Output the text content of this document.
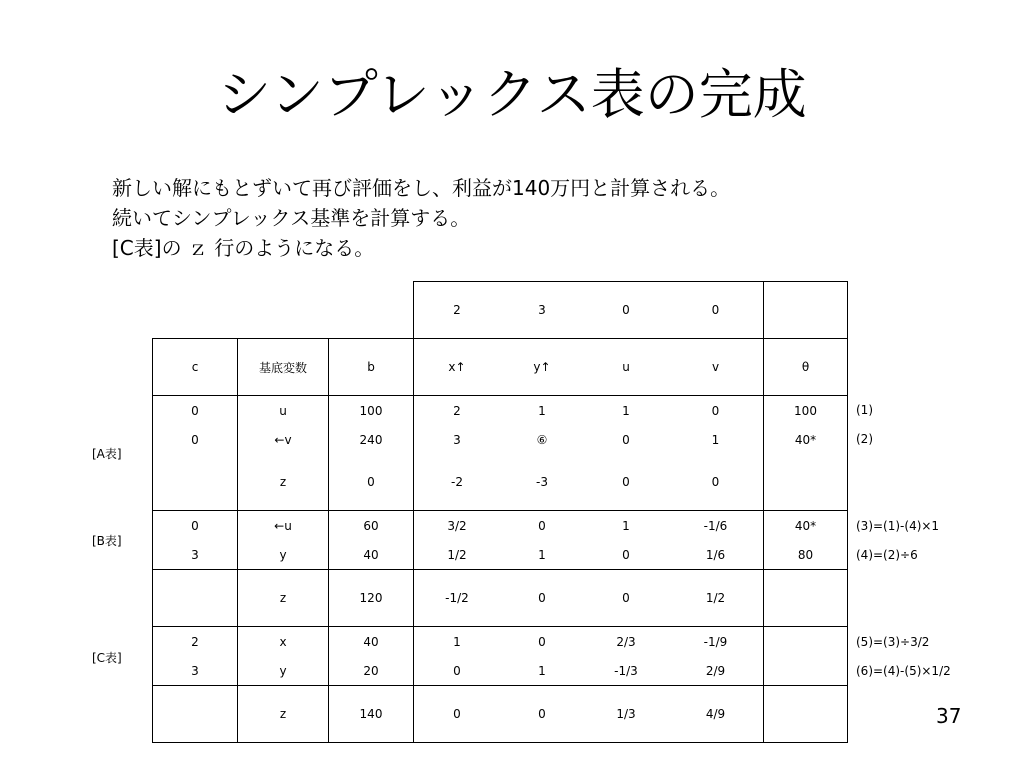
シンプレックス表の完成
新しい解にもとずいて再び評価をし、利益が140万円と計算される。
続いてシンプレックス基準を計算する。
[C表]の ｚ 行のようになる。
			2	3	0	0	
c	基底変数	b	x↑	y↑	u	v	θ
0	u	100	2	1	1	0	100
0	←v	240	3	⑥	0	1	40*
	z	0	-2	-3	0	0	
0	←u	60	3/2	0	1	-1/6	40*
3	y	40	1/2	1	0	1/6	80
	z	120	-1/2	0	0	1/2	
2	x	40	1	0	2/3	-1/9	
3	y	20	0	1	-1/3	2/9	
	z	140	0	0	1/3	4/9	
[A表]
[B表]
[C表]
(1)
(2)
(3)=(1)-(4)×1
(4)=(2)÷6
(5)=(3)÷3/2
(6)=(4)-(5)×1/2
37
